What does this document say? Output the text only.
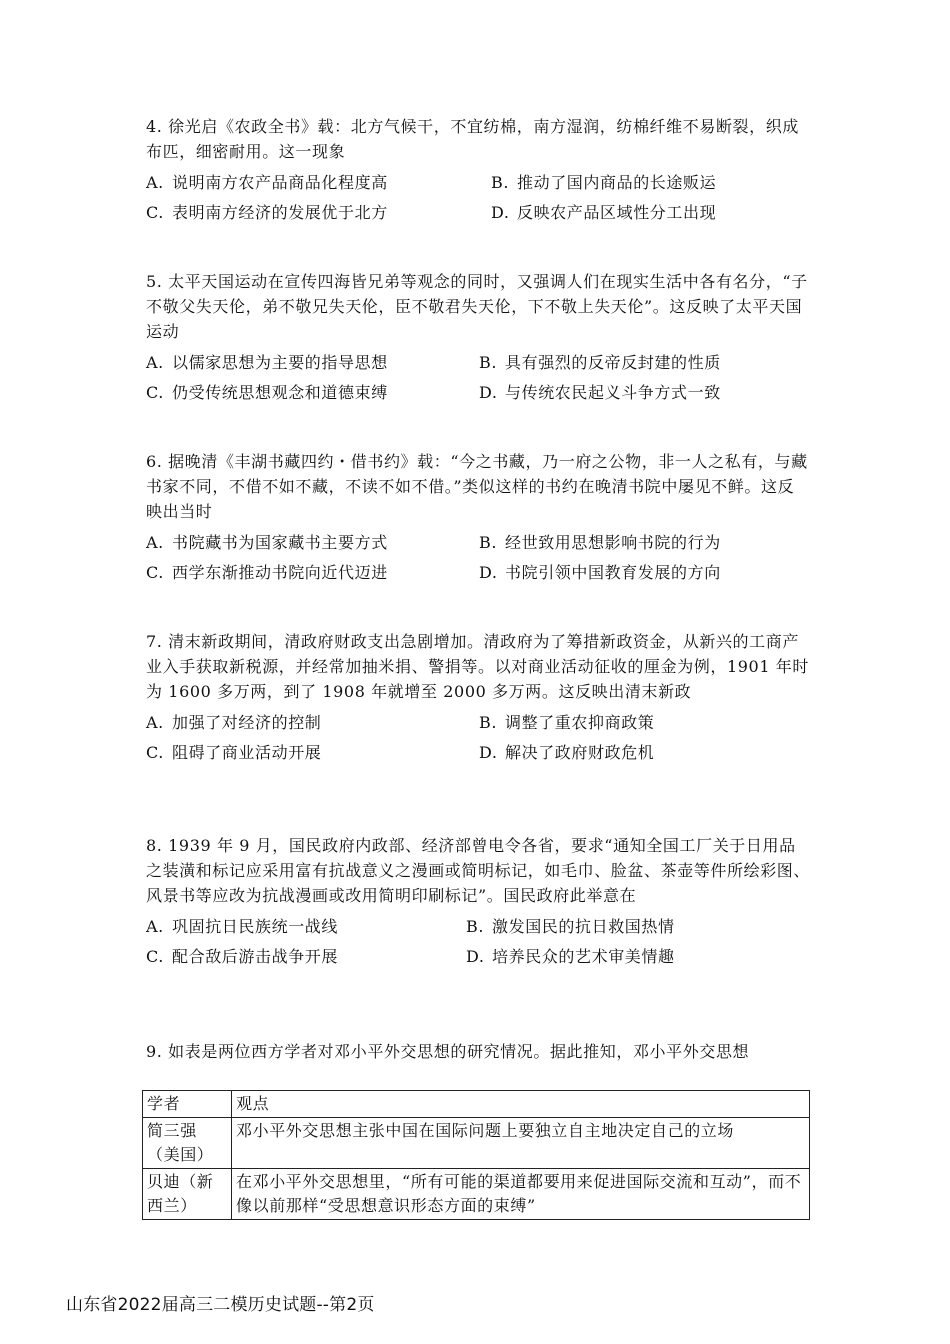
4. 徐光启《农政全书》载：北方气候干，不宜纺棉，南方湿润，纺棉纤维不易断裂，织成布匹，细密耐用。这一现象

A. 说明南方农产品商品化程度高	B. 推动了国内商品的长途贩运
C. 表明南方经济的发展优于北方	D. 反映农产品区域性分工出现

5. 太平天国运动在宣传四海皆兄弟等观念的同时，又强调人们在现实生活中各有名分，“子不敬父失天伦，弟不敬兄失天伦，臣不敬君失天伦，下不敬上失天伦”。这反映了太平天国运动

A. 以儒家思想为主要的指导思想	B. 具有强烈的反帝反封建的性质
C. 仍受传统思想观念和道德束缚	D. 与传统农民起义斗争方式一致

6. 据晚清《丰湖书藏四约・借书约》载：“今之书藏，乃一府之公物，非一人之私有，与藏书家不同，不借不如不藏，不读不如不借。”类似这样的书约在晚清书院中屡见不鲜。这反映出当时

A. 书院藏书为国家藏书主要方式	B. 经世致用思想影响书院的行为
C. 西学东渐推动书院向近代迈进	D. 书院引领中国教育发展的方向

7. 清末新政期间，清政府财政支出急剧增加。清政府为了筹措新政资金，从新兴的工商产业入手获取新税源，并经常加抽米捐、警捐等。以对商业活动征收的厘金为例，1901 年时为 1600 多万两，到了 1908 年就增至 2000 多万两。这反映出清末新政

A. 加强了对经济的控制	B. 调整了重农抑商政策
C. 阻碍了商业活动开展	D. 解决了政府财政危机

8. 1939 年 9 月，国民政府内政部、经济部曾电令各省，要求“通知全国工厂关于日用品之装潢和标记应采用富有抗战意义之漫画或简明标记，如毛巾、脸盆、茶壶等件所绘彩图、风景书等应改为抗战漫画或改用简明印刷标记”。国民政府此举意在

A. 巩固抗日民族统一战线	B. 激发国民的抗日救国热情
C. 配合敌后游击战争开展	D. 培养民众的艺术审美情趣

9. 如表是两位西方学者对邓小平外交思想的研究情况。据此推知，邓小平外交思想

学者	观点
简三强（美国）	邓小平外交思想主张中国在国际问题上要独立自主地决定自己的立场
贝迪（新西兰）	在邓小平外交思想里，“所有可能的渠道都要用来促进国际交流和互动”，而不像以前那样“受思想意识形态方面的束缚”
山东省2022届高三二模历史试题--第2页
